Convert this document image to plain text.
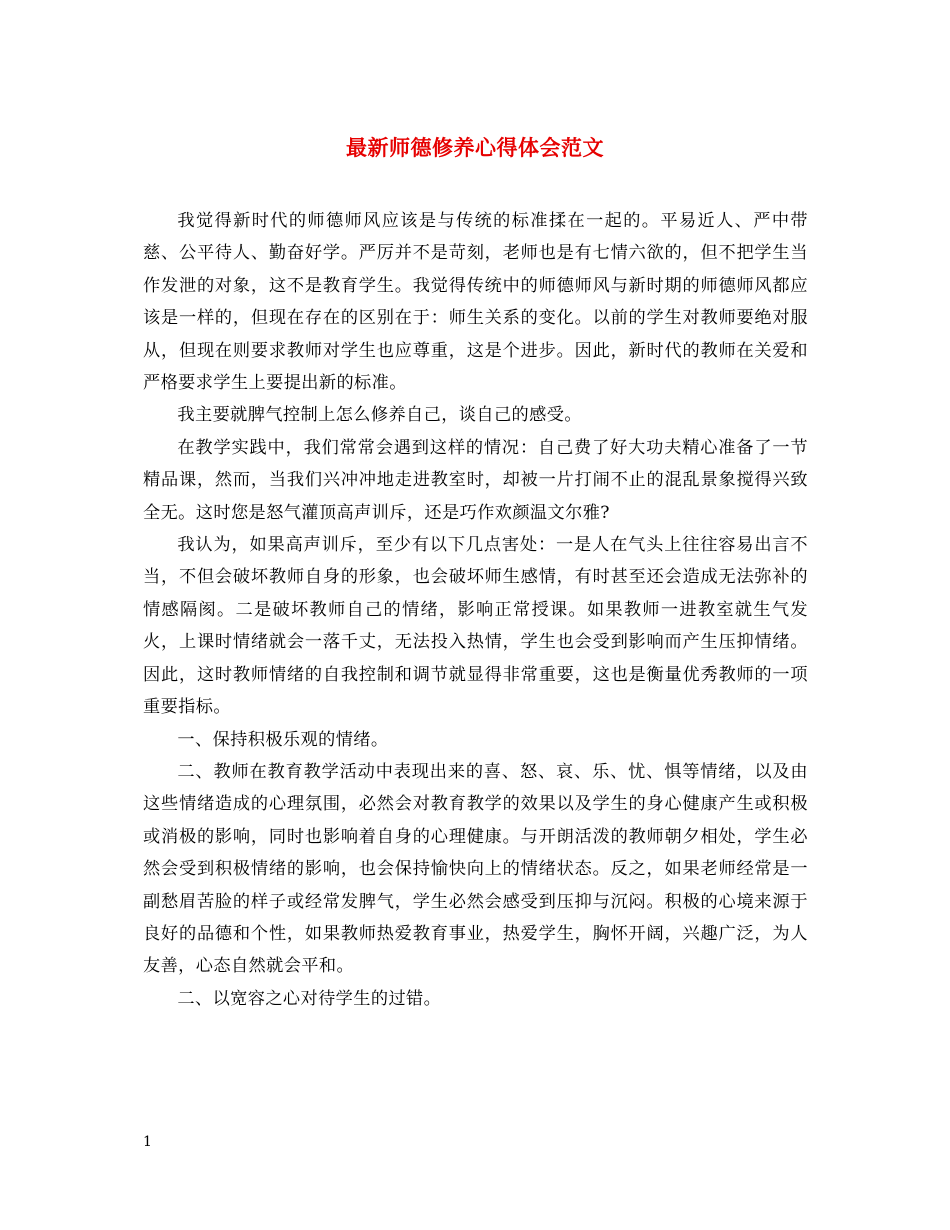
最新师德修养心得体会范文

我觉得新时代的师德师风应该是与传统的标准揉在一起的。平易近人、严中带慈、公平待人、勤奋好学。严厉并不是苛刻，老师也是有七情六欲的，但不把学生当作发泄的对象，这不是教育学生。我觉得传统中的师德师风与新时期的师德师风都应该是一样的，但现在存在的区别在于：师生关系的变化。以前的学生对教师要绝对服从，但现在则要求教师对学生也应尊重，这是个进步。因此，新时代的教师在关爱和严格要求学生上要提出新的标准。

我主要就脾气控制上怎么修养自己，谈自己的感受。

在教学实践中，我们常常会遇到这样的情况：自己费了好大功夫精心准备了一节精品课，然而，当我们兴冲冲地走进教室时，却被一片打闹不止的混乱景象搅得兴致全无。这时您是怒气灌顶高声训斥，还是巧作欢颜温文尔雅?

我认为，如果高声训斥，至少有以下几点害处：一是人在气头上往往容易出言不当，不但会破坏教师自身的形象，也会破坏师生感情，有时甚至还会造成无法弥补的情感隔阂。二是破坏教师自己的情绪，影响正常授课。如果教师一进教室就生气发火，上课时情绪就会一落千丈，无法投入热情，学生也会受到影响而产生压抑情绪。因此，这时教师情绪的自我控制和调节就显得非常重要，这也是衡量优秀教师的一项重要指标。

一、保持积极乐观的情绪。

二、教师在教育教学活动中表现出来的喜、怒、哀、乐、忧、惧等情绪，以及由这些情绪造成的心理氛围，必然会对教育教学的效果以及学生的身心健康产生或积极或消极的影响，同时也影响着自身的心理健康。与开朗活泼的教师朝夕相处，学生必然会受到积极情绪的影响，也会保持愉快向上的情绪状态。反之，如果老师经常是一副愁眉苦脸的样子或经常发脾气，学生必然会感受到压抑与沉闷。积极的心境来源于良好的品德和个性，如果教师热爱教育事业，热爱学生，胸怀开阔，兴趣广泛，为人友善，心态自然就会平和。

二、以宽容之心对待学生的过错。

1
